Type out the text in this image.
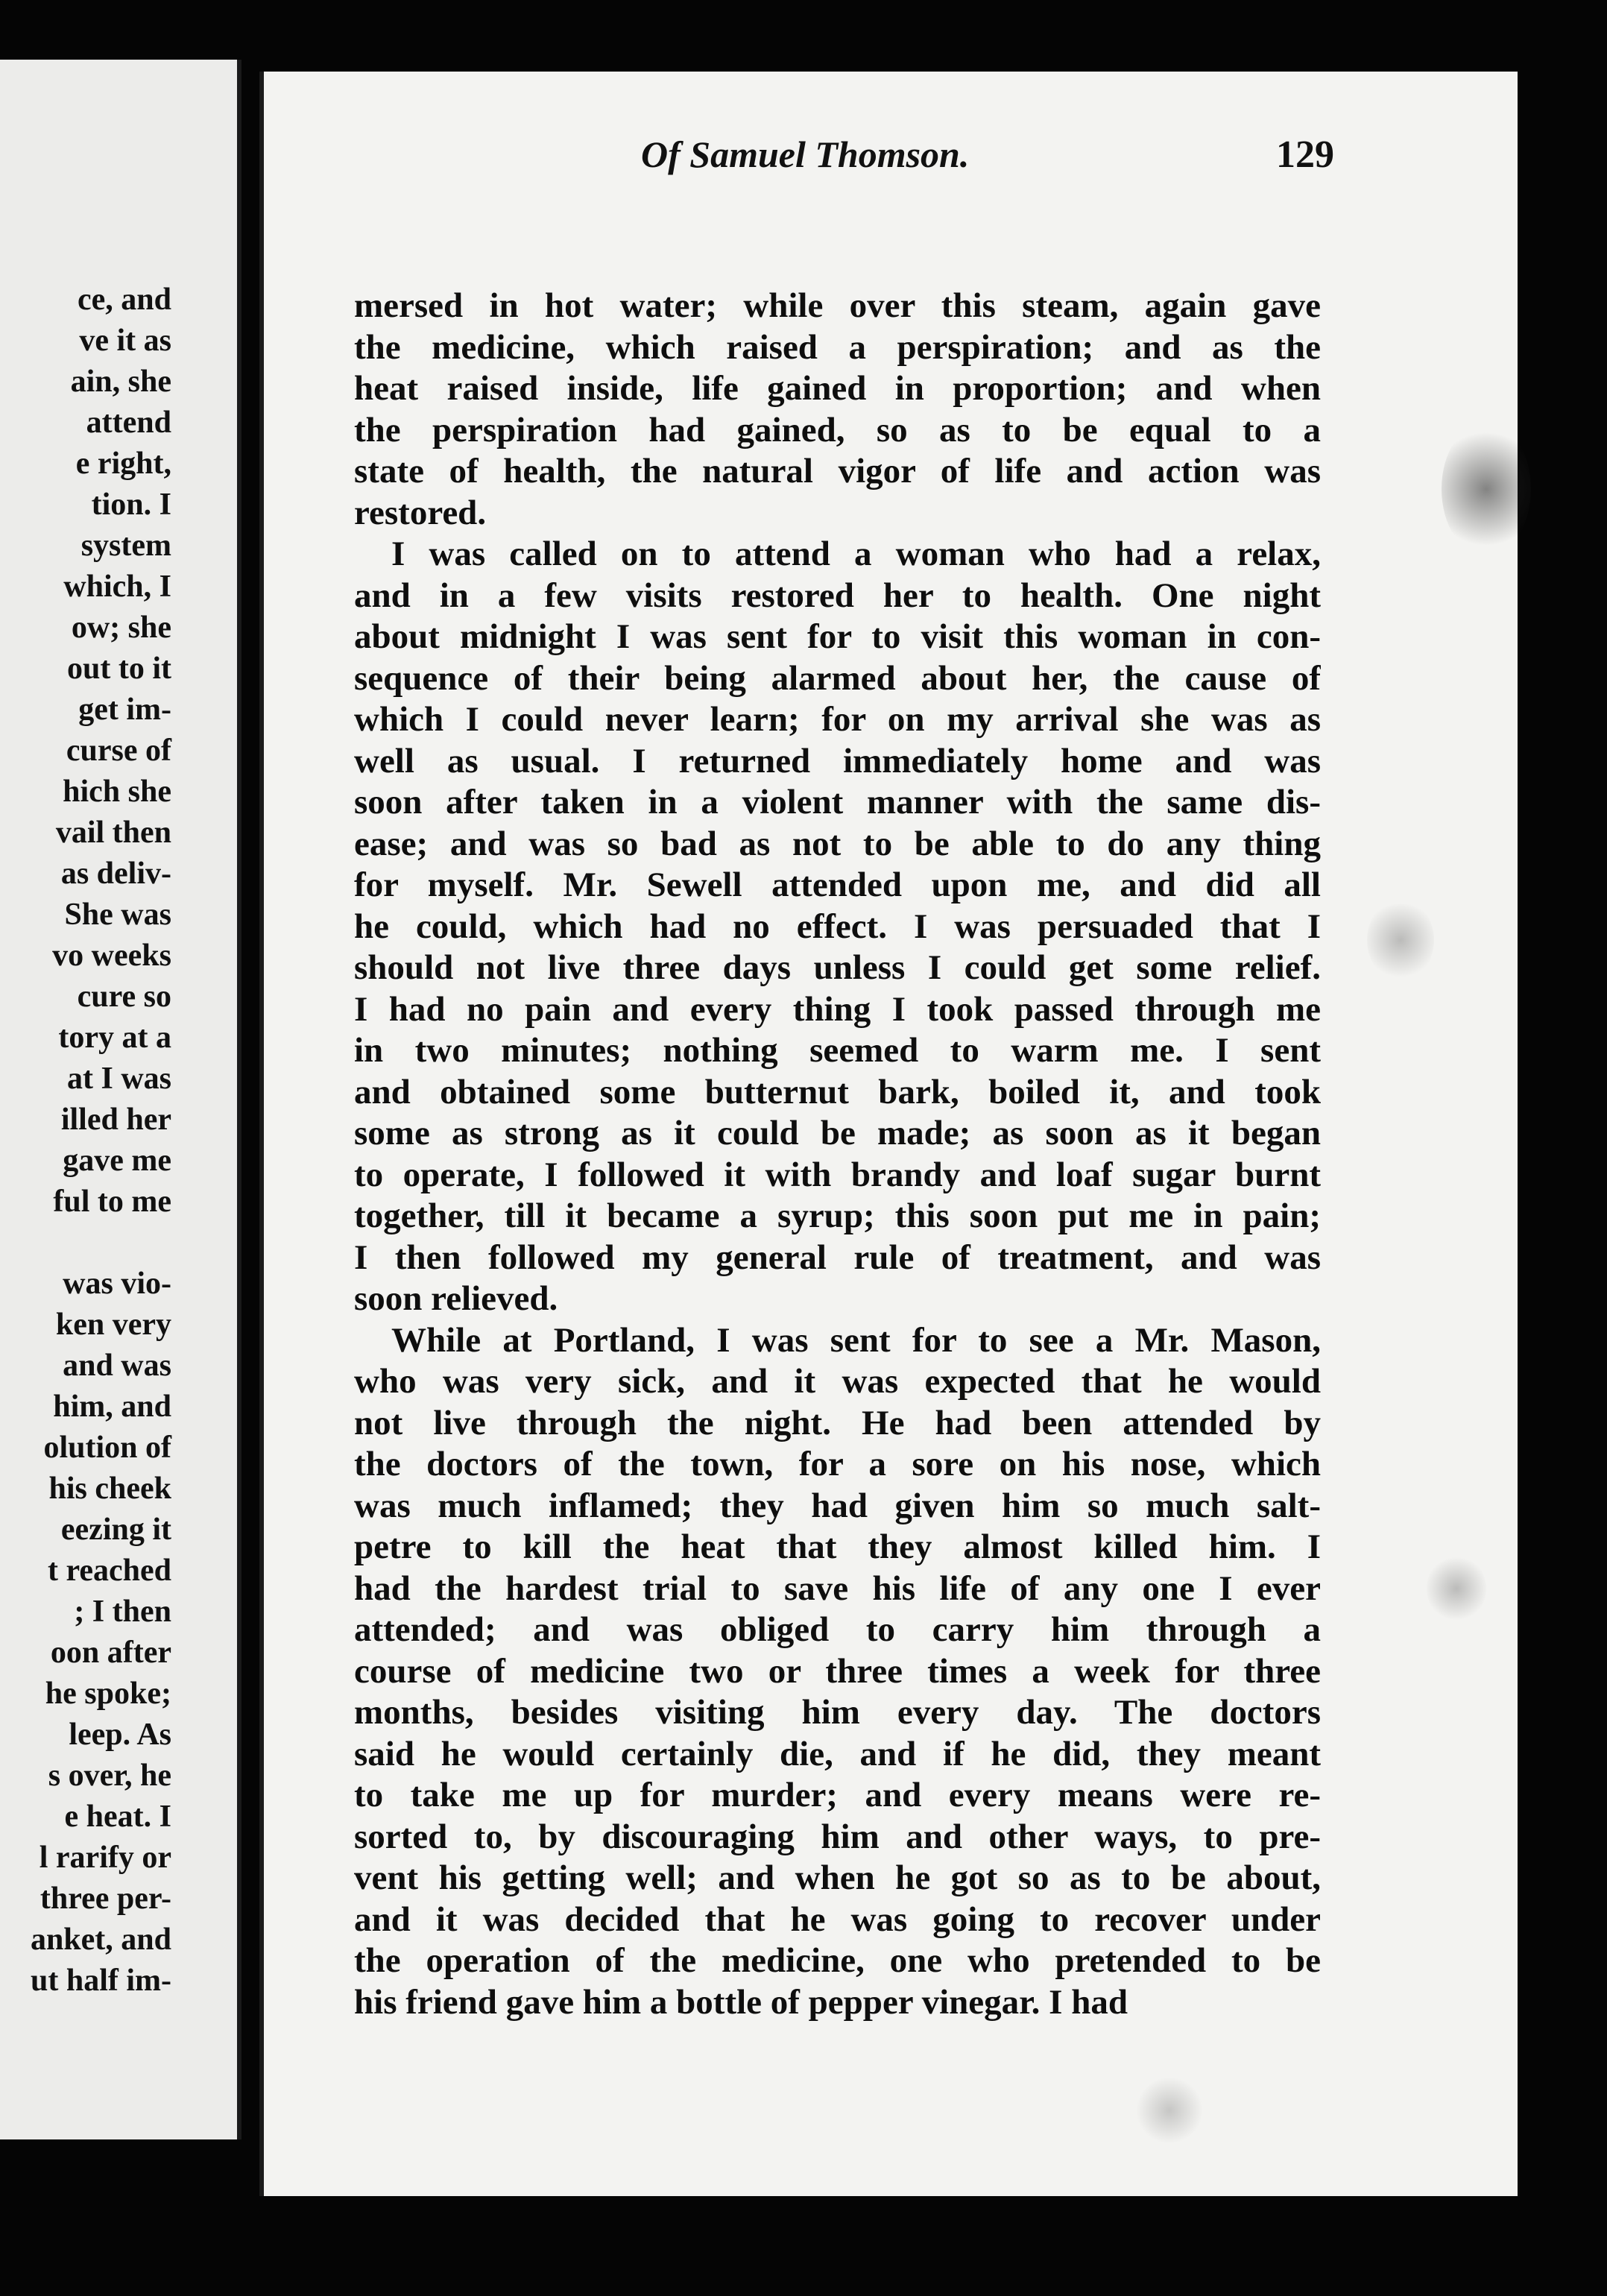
ce, and
ve it as
ain, she
attend
e right,
tion. I
system
which, I
ow; she
out to it
get im-
curse of
hich she
vail then
as deliv-
She was
vo weeks
cure so
tory at a
at I was
illed her
gave me
ful to me
was vio-
ken very
and was
him, and
olution of
his cheek
eezing it
t reached
; I then
oon after
he spoke;
leep. As
s over, he
e heat. I
l rarify or
three per-
anket, and
ut half im-
Of Samuel Thomson.	129
mersed in hot water; while over this steam, again gave
the medicine, which raised a perspiration; and as the
heat raised inside, life gained in proportion; and when
the perspiration had gained, so as to be equal to a
state of health, the natural vigor of life and action was
restored.
I was called on to attend a woman who had a relax,
and in a few visits restored her to health. One night
about midnight I was sent for to visit this woman in con-
sequence of their being alarmed about her, the cause of
which I could never learn; for on my arrival she was as
well as usual. I returned immediately home and was
soon after taken in a violent manner with the same dis-
ease; and was so bad as not to be able to do any thing
for myself. Mr. Sewell attended upon me, and did all
he could, which had no effect. I was persuaded that I
should not live three days unless I could get some relief.
I had no pain and every thing I took passed through me
in two minutes; nothing seemed to warm me. I sent
and obtained some butternut bark, boiled it, and took
some as strong as it could be made; as soon as it began
to operate, I followed it with brandy and loaf sugar burnt
together, till it became a syrup; this soon put me in pain;
I then followed my general rule of treatment, and was
soon relieved.
While at Portland, I was sent for to see a Mr. Mason,
who was very sick, and it was expected that he would
not live through the night. He had been attended by
the doctors of the town, for a sore on his nose, which
was much inflamed; they had given him so much salt-
petre to kill the heat that they almost killed him. I
had the hardest trial to save his life of any one I ever
attended; and was obliged to carry him through a
course of medicine two or three times a week for three
months, besides visiting him every day. The doctors
said he would certainly die, and if he did, they meant
to take me up for murder; and every means were re-
sorted to, by discouraging him and other ways, to pre-
vent his getting well; and when he got so as to be about,
and it was decided that he was going to recover under
the operation of the medicine, one who pretended to be
his friend gave him a bottle of pepper vinegar. I had
